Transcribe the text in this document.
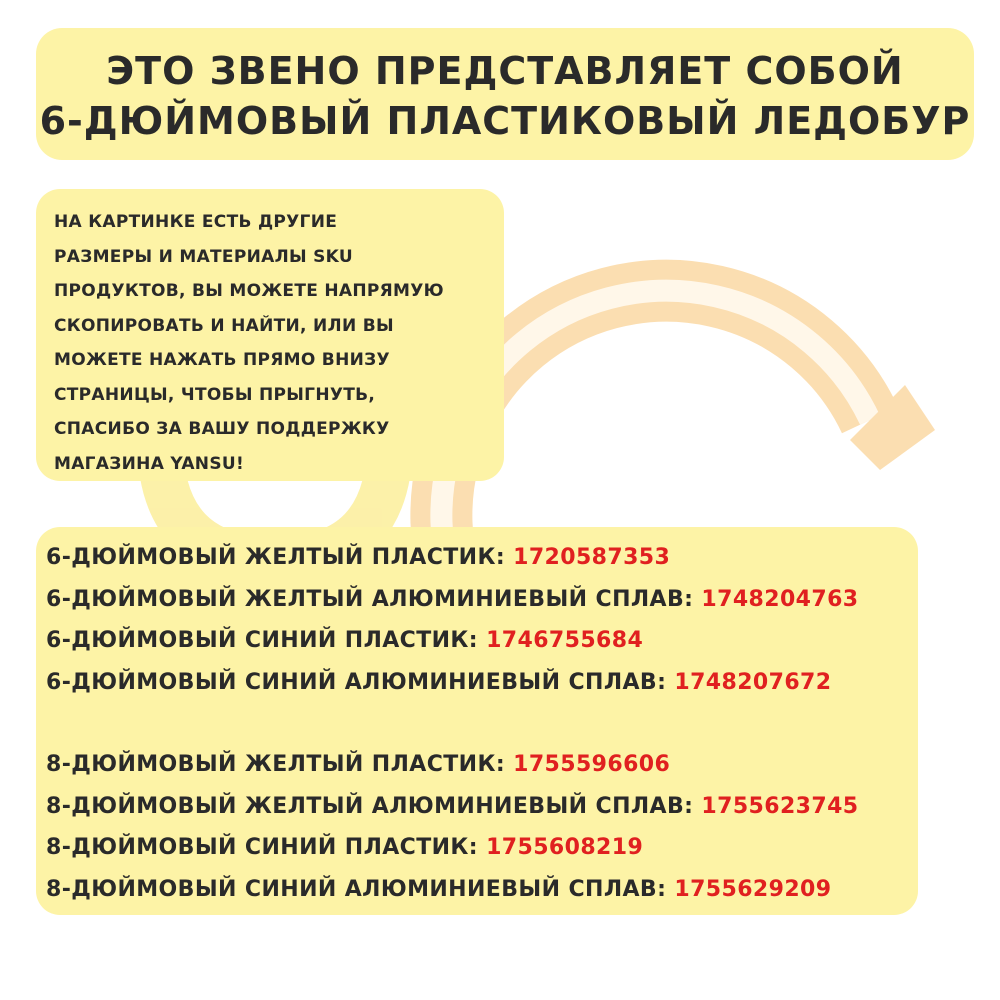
ЭТО ЗВЕНО ПРЕДСТАВЛЯЕТ СОБОЙ
6-ДЮЙМОВЫЙ ПЛАСТИКОВЫЙ ЛЕДОБУР
НА КАРТИНКЕ ЕСТЬ ДРУГИЕ
РАЗМЕРЫ И МАТЕРИАЛЫ SKU
ПРОДУКТОВ, ВЫ МОЖЕТЕ НАПРЯМУЮ
СКОПИРОВАТЬ И НАЙТИ, ИЛИ ВЫ
МОЖЕТЕ НАЖАТЬ ПРЯМО ВНИЗУ
СТРАНИЦЫ, ЧТОБЫ ПРЫГНУТЬ,
СПАСИБО ЗА ВАШУ ПОДДЕРЖКУ
МАГАЗИНА YANSU!
6-ДЮЙМОВЫЙ ЖЕЛТЫЙ ПЛАСТИК: 1720587353
6-ДЮЙМОВЫЙ ЖЕЛТЫЙ АЛЮМИНИЕВЫЙ СПЛАВ: 1748204763
6-ДЮЙМОВЫЙ СИНИЙ ПЛАСТИК: 1746755684
6-ДЮЙМОВЫЙ СИНИЙ АЛЮМИНИЕВЫЙ СПЛАВ: 1748207672
8-ДЮЙМОВЫЙ ЖЕЛТЫЙ ПЛАСТИК: 1755596606
8-ДЮЙМОВЫЙ ЖЕЛТЫЙ АЛЮМИНИЕВЫЙ СПЛАВ: 1755623745
8-ДЮЙМОВЫЙ СИНИЙ ПЛАСТИК: 1755608219
8-ДЮЙМОВЫЙ СИНИЙ АЛЮМИНИЕВЫЙ СПЛАВ: 1755629209
